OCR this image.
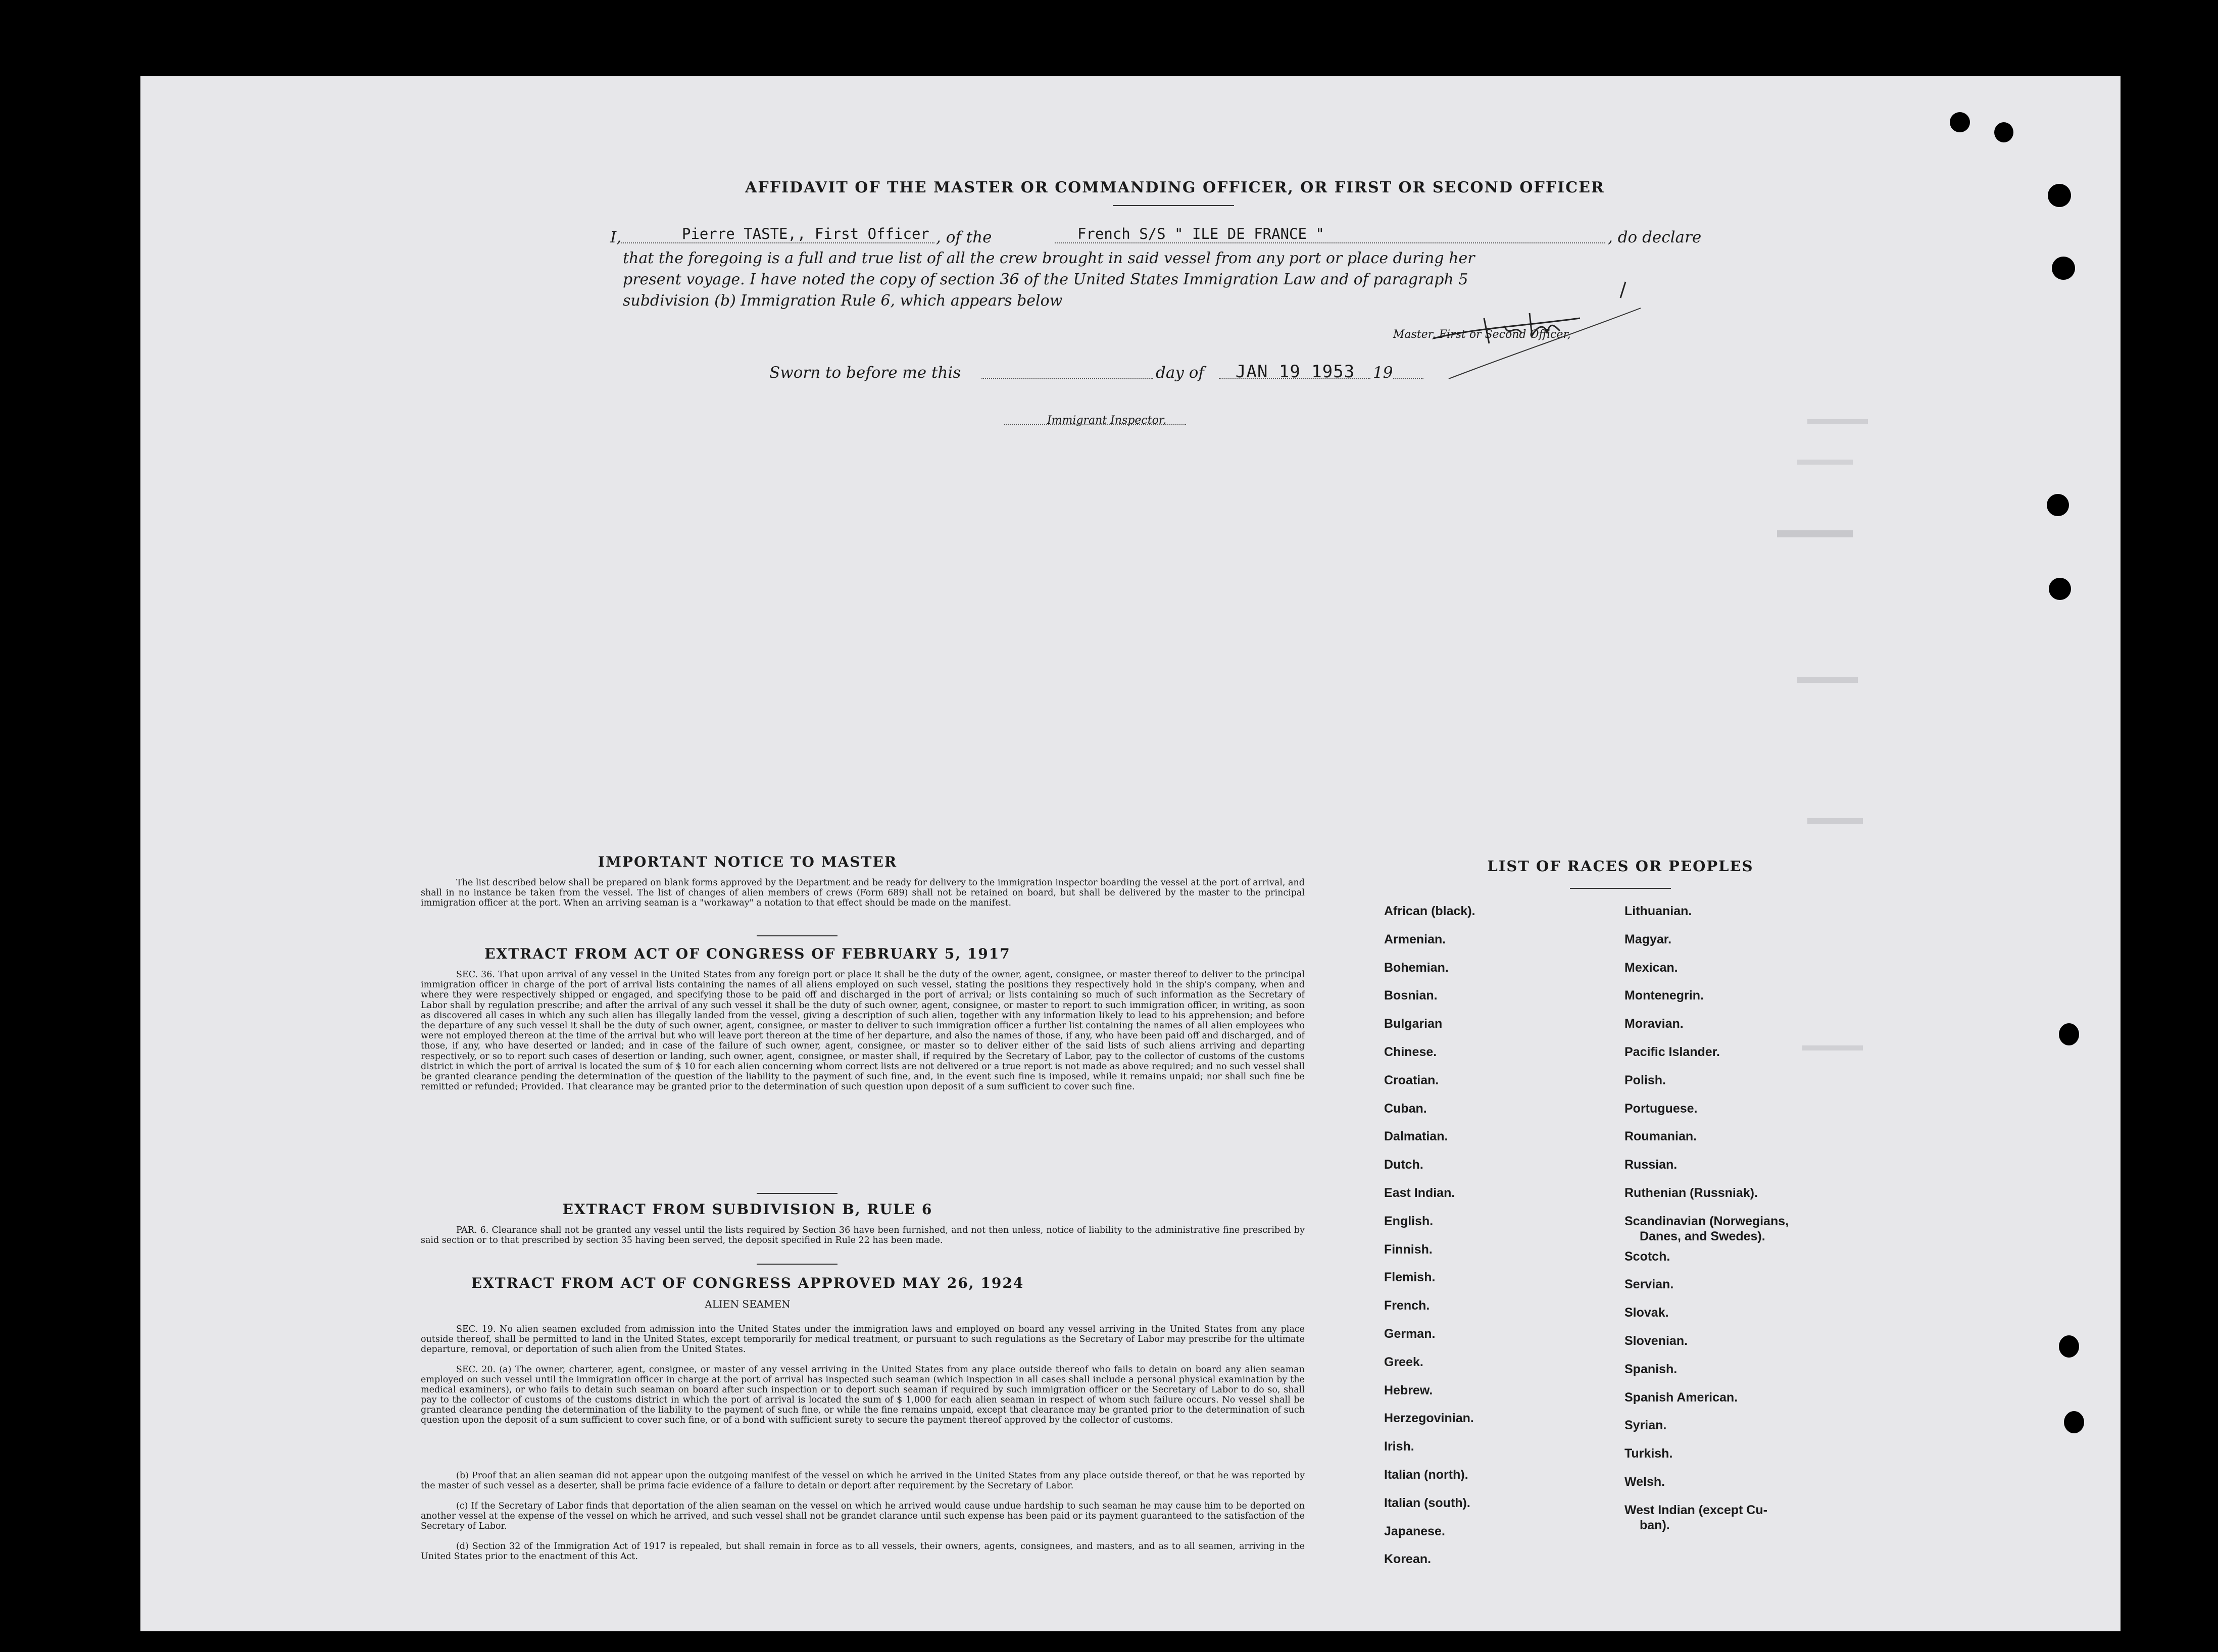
AFFIDAVIT OF THE MASTER OR COMMANDING OFFICER, OR FIRST OR SECOND OFFICER
I,	Pierre TASTE, , First Officer , of the	French S/S " ILE DE FRANCE "	, do declare
that the foregoing is a full and true list of all the crew brought in said vessel from any port or place during her
present voyage. I have noted the copy of section 36 of the United States Immigration Law and of paragraph 5
subdivision (b) Immigration Rule 6, which appears below
Master, First or Second Officer,
Sworn to before me this	day of JAN 19 1953 19
Immigrant Inspector,
IMPORTANT NOTICE TO MASTER
The list described below shall be prepared on blank forms approved by the Department and be ready for delivery to the immigration inspector boarding the vessel at the port of arrival, and shall in no instance be taken from the vessel. The list of changes of alien members of crews (Form 689) shall not be retained on board, but shall be delivered by the master to the principal immigration officer at the port. When an arriving seaman is a "workaway" a notation to that effect should be made on the manifest.
EXTRACT FROM ACT OF CONGRESS OF FEBRUARY 5, 1917
SEC. 36. That upon arrival of any vessel in the United States from any foreign port or place it shall be the duty of the owner, agent, consignee, or master thereof to deliver to the principal immigration officer in charge of the port of arrival lists containing the names of all aliens employed on such vessel, stating the positions they respectively hold in the ship's company, when and where they were respectively shipped or engaged, and specifying those to be paid off and discharged in the port of arrival; or lists containing so much of such information as the Secretary of Labor shall by regulation prescribe; and after the arrival of any such vessel it shall be the duty of such owner, agent, consignee, or master to report to such immigration officer, in writing, as soon as discovered all cases in which any such alien has illegally landed from the vessel, giving a description of such alien, together with any information likely to lead to his apprehension; and before the departure of any such vessel it shall be the duty of such owner, agent, consignee, or master to deliver to such immigration officer a further list containing the names of all alien employees who were not employed thereon at the time of the arrival but who will leave port thereon at the time of her departure, and also the names of those, if any, who have been paid off and discharged, and of those, if any, who have deserted or landed; and in case of the failure of such owner, agent, consignee, or master so to deliver either of the said lists of such aliens arriving and departing respectively, or so to report such cases of desertion or landing, such owner, agent, consignee, or master shall, if required by the Secretary of Labor, pay to the collector of customs of the customs district in which the port of arrival is located the sum of $ 10 for each alien concerning whom correct lists are not delivered or a true report is not made as above required; and no such vessel shall be granted clearance pending the determination of the question of the liability to the payment of such fine, and, in the event such fine is imposed, while it remains unpaid; nor shall such fine be remitted or refunded; Provided. That clearance may be granted prior to the determination of such question upon deposit of a sum sufficient to cover such fine.
EXTRACT FROM SUBDIVISION B, RULE 6
PAR. 6. Clearance shall not be granted any vessel until the lists required by Section 36 have been furnished, and not then unless, notice of liability to the administrative fine prescribed by said section or to that prescribed by section 35 having been served, the deposit specified in Rule 22 has been made.
EXTRACT FROM ACT OF CONGRESS APPROVED MAY 26, 1924
ALIEN SEAMEN
SEC. 19. No alien seamen excluded from admission into the United States under the immigration laws and employed on board any vessel arriving in the United States from any place outside thereof, shall be permitted to land in the United States, except temporarily for medical treatment, or pursuant to such regulations as the Secretary of Labor may prescribe for the ultimate departure, removal, or deportation of such alien from the United States.
SEC. 20. (a) The owner, charterer, agent, consignee, or master of any vessel arriving in the United States from any place outside thereof who fails to detain on board any alien seaman employed on such vessel until the immigration officer in charge at the port of arrival has inspected such seaman (which inspection in all cases shall include a personal physical examination by the medical examiners), or who fails to detain such seaman on board after such inspection or to deport such seaman if required by such immigration officer or the Secretary of Labor to do so, shall pay to the collector of customs of the customs district in which the port of arrival is located the sum of $ 1,000 for each alien seaman in respect of whom such failure occurs. No vessel shall be granted clearance pending the determination of the liability to the payment of such fine, or while the fine remains unpaid, except that clearance may be granted prior to the determination of such question upon the deposit of a sum sufficient to cover such fine, or of a bond with sufficient surety to secure the payment thereof approved by the collector of customs.
(b) Proof that an alien seaman did not appear upon the outgoing manifest of the vessel on which he arrived in the United States from any place outside thereof, or that he was reported by the master of such vessel as a deserter, shall be prima facie evidence of a failure to detain or deport after requirement by the Secretary of Labor.
(c) If the Secretary of Labor finds that deportation of the alien seaman on the vessel on which he arrived would cause undue hardship to such seaman he may cause him to be deported on another vessel at the expense of the vessel on which he arrived, and such vessel shall not be grandet clarance until such expense has been paid or its payment guaranteed to the satisfaction of the Secretary of Labor.
(d) Section 32 of the Immigration Act of 1917 is repealed, but shall remain in force as to all vessels, their owners, agents, consignees, and masters, and as to all seamen, arriving in the United States prior to the enactment of this Act.
LIST OF RACES OR PEOPLES
African (black).
Armenian.
Bohemian.
Bosnian.
Bulgarian
Chinese.
Croatian.
Cuban.
Dalmatian.
Dutch.
East Indian.
English.
Finnish.
Flemish.
French.
German.
Greek.
Hebrew.
Herzegovinian.
Irish.
Italian (north).
Italian (south).
Japanese.
Korean.
Lithuanian.
Magyar.
Mexican.
Montenegrin.
Moravian.
Pacific Islander.
Polish.
Portuguese.
Roumanian.
Russian.
Ruthenian (Russniak).
Scandinavian (Norwegians,
Danes, and Swedes).
Scotch.
Servian.
Slovak.
Slovenian.
Spanish.
Spanish American.
Syrian.
Turkish.
Welsh.
West Indian (except Cu-
ban).
